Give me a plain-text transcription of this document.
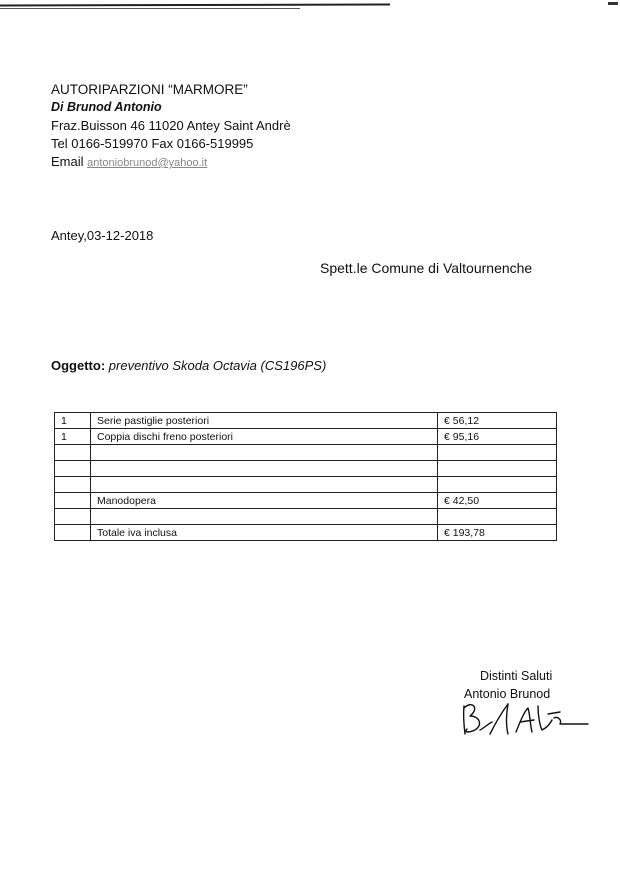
AUTORIPARZIONI “MARMORE”
Di Brunod Antonio
Fraz.Buisson 46 11020 Antey Saint Andrè
Tel 0166-519970 Fax 0166-519995
Email antoniobrunod@yahoo.it
Antey,03-12-2018
Spett.le Comune di Valtournenche
Oggetto: preventivo Skoda Octavia (CS196PS)
1	Serie pastiglie posteriori	€ 56,12
1	Coppia dischi freno posteriori	€ 95,16

	Manodopera	€ 42,50

	Totale iva inclusa	€ 193,78
Distinti Saluti
Antonio Brunod
